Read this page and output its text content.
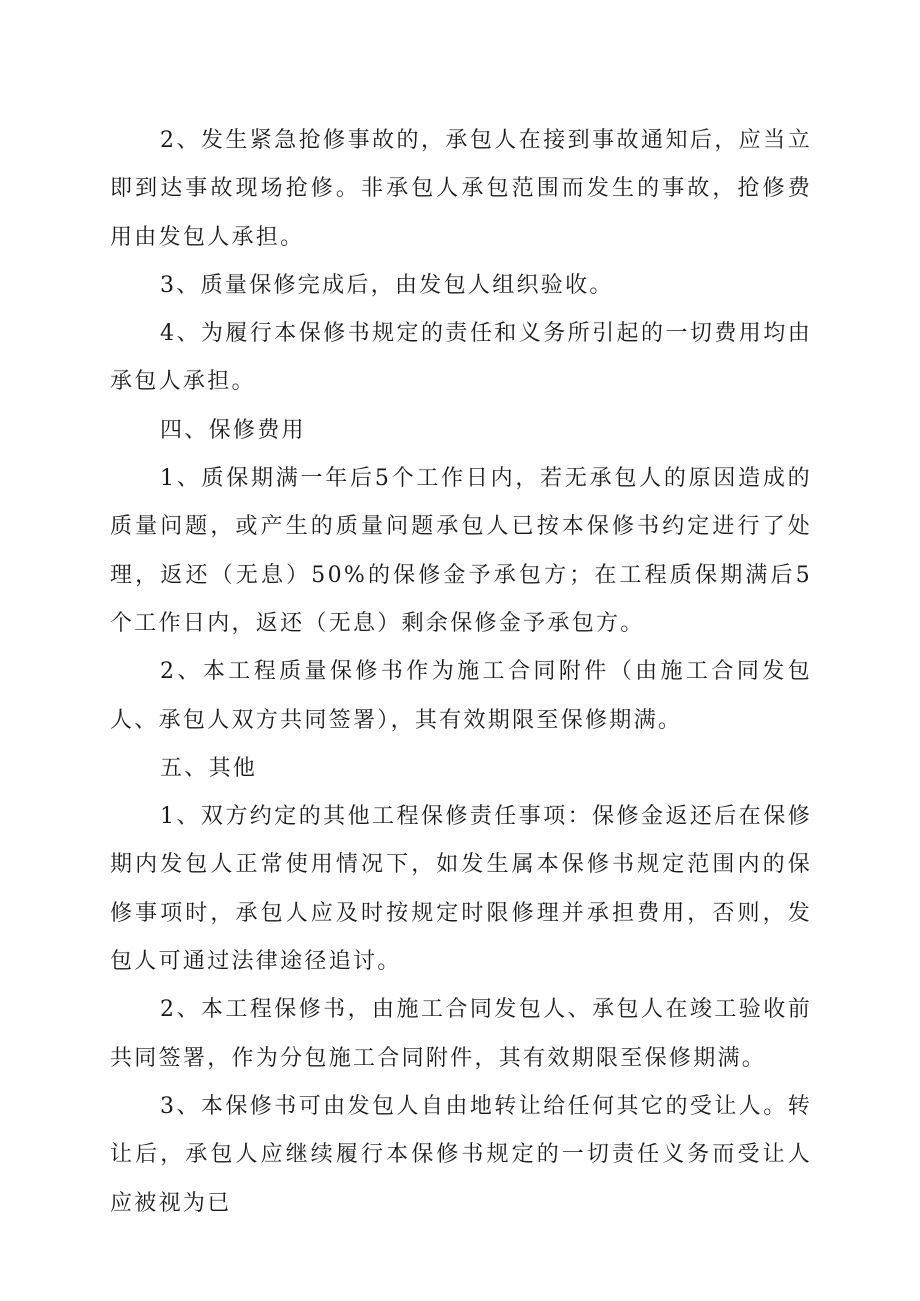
2、发生紧急抢修事故的，承包人在接到事故通知后，应当立即到达事故现场抢修。非承包人承包范围而发生的事故，抢修费用由发包人承担。

3、质量保修完成后，由发包人组织验收。

4、为履行本保修书规定的责任和义务所引起的一切费用均由承包人承担。

四、保修费用

1、质保期满一年后5个工作日内，若无承包人的原因造成的质量问题，或产生的质量问题承包人已按本保修书约定进行了处理，返还（无息）50%的保修金予承包方；在工程质保期满后5个工作日内，返还（无息）剩余保修金予承包方。

2、本工程质量保修书作为施工合同附件（由施工合同发包人、承包人双方共同签署），其有效期限至保修期满。

五、其他

1、双方约定的其他工程保修责任事项：保修金返还后在保修期内发包人正常使用情况下，如发生属本保修书规定范围内的保修事项时，承包人应及时按规定时限修理并承担费用，否则，发包人可通过法律途径追讨。

2、本工程保修书，由施工合同发包人、承包人在竣工验收前共同签署，作为分包施工合同附件，其有效期限至保修期满。

3、本保修书可由发包人自由地转让给任何其它的受让人。转让后，承包人应继续履行本保修书规定的一切责任义务而受让人应被视为已
